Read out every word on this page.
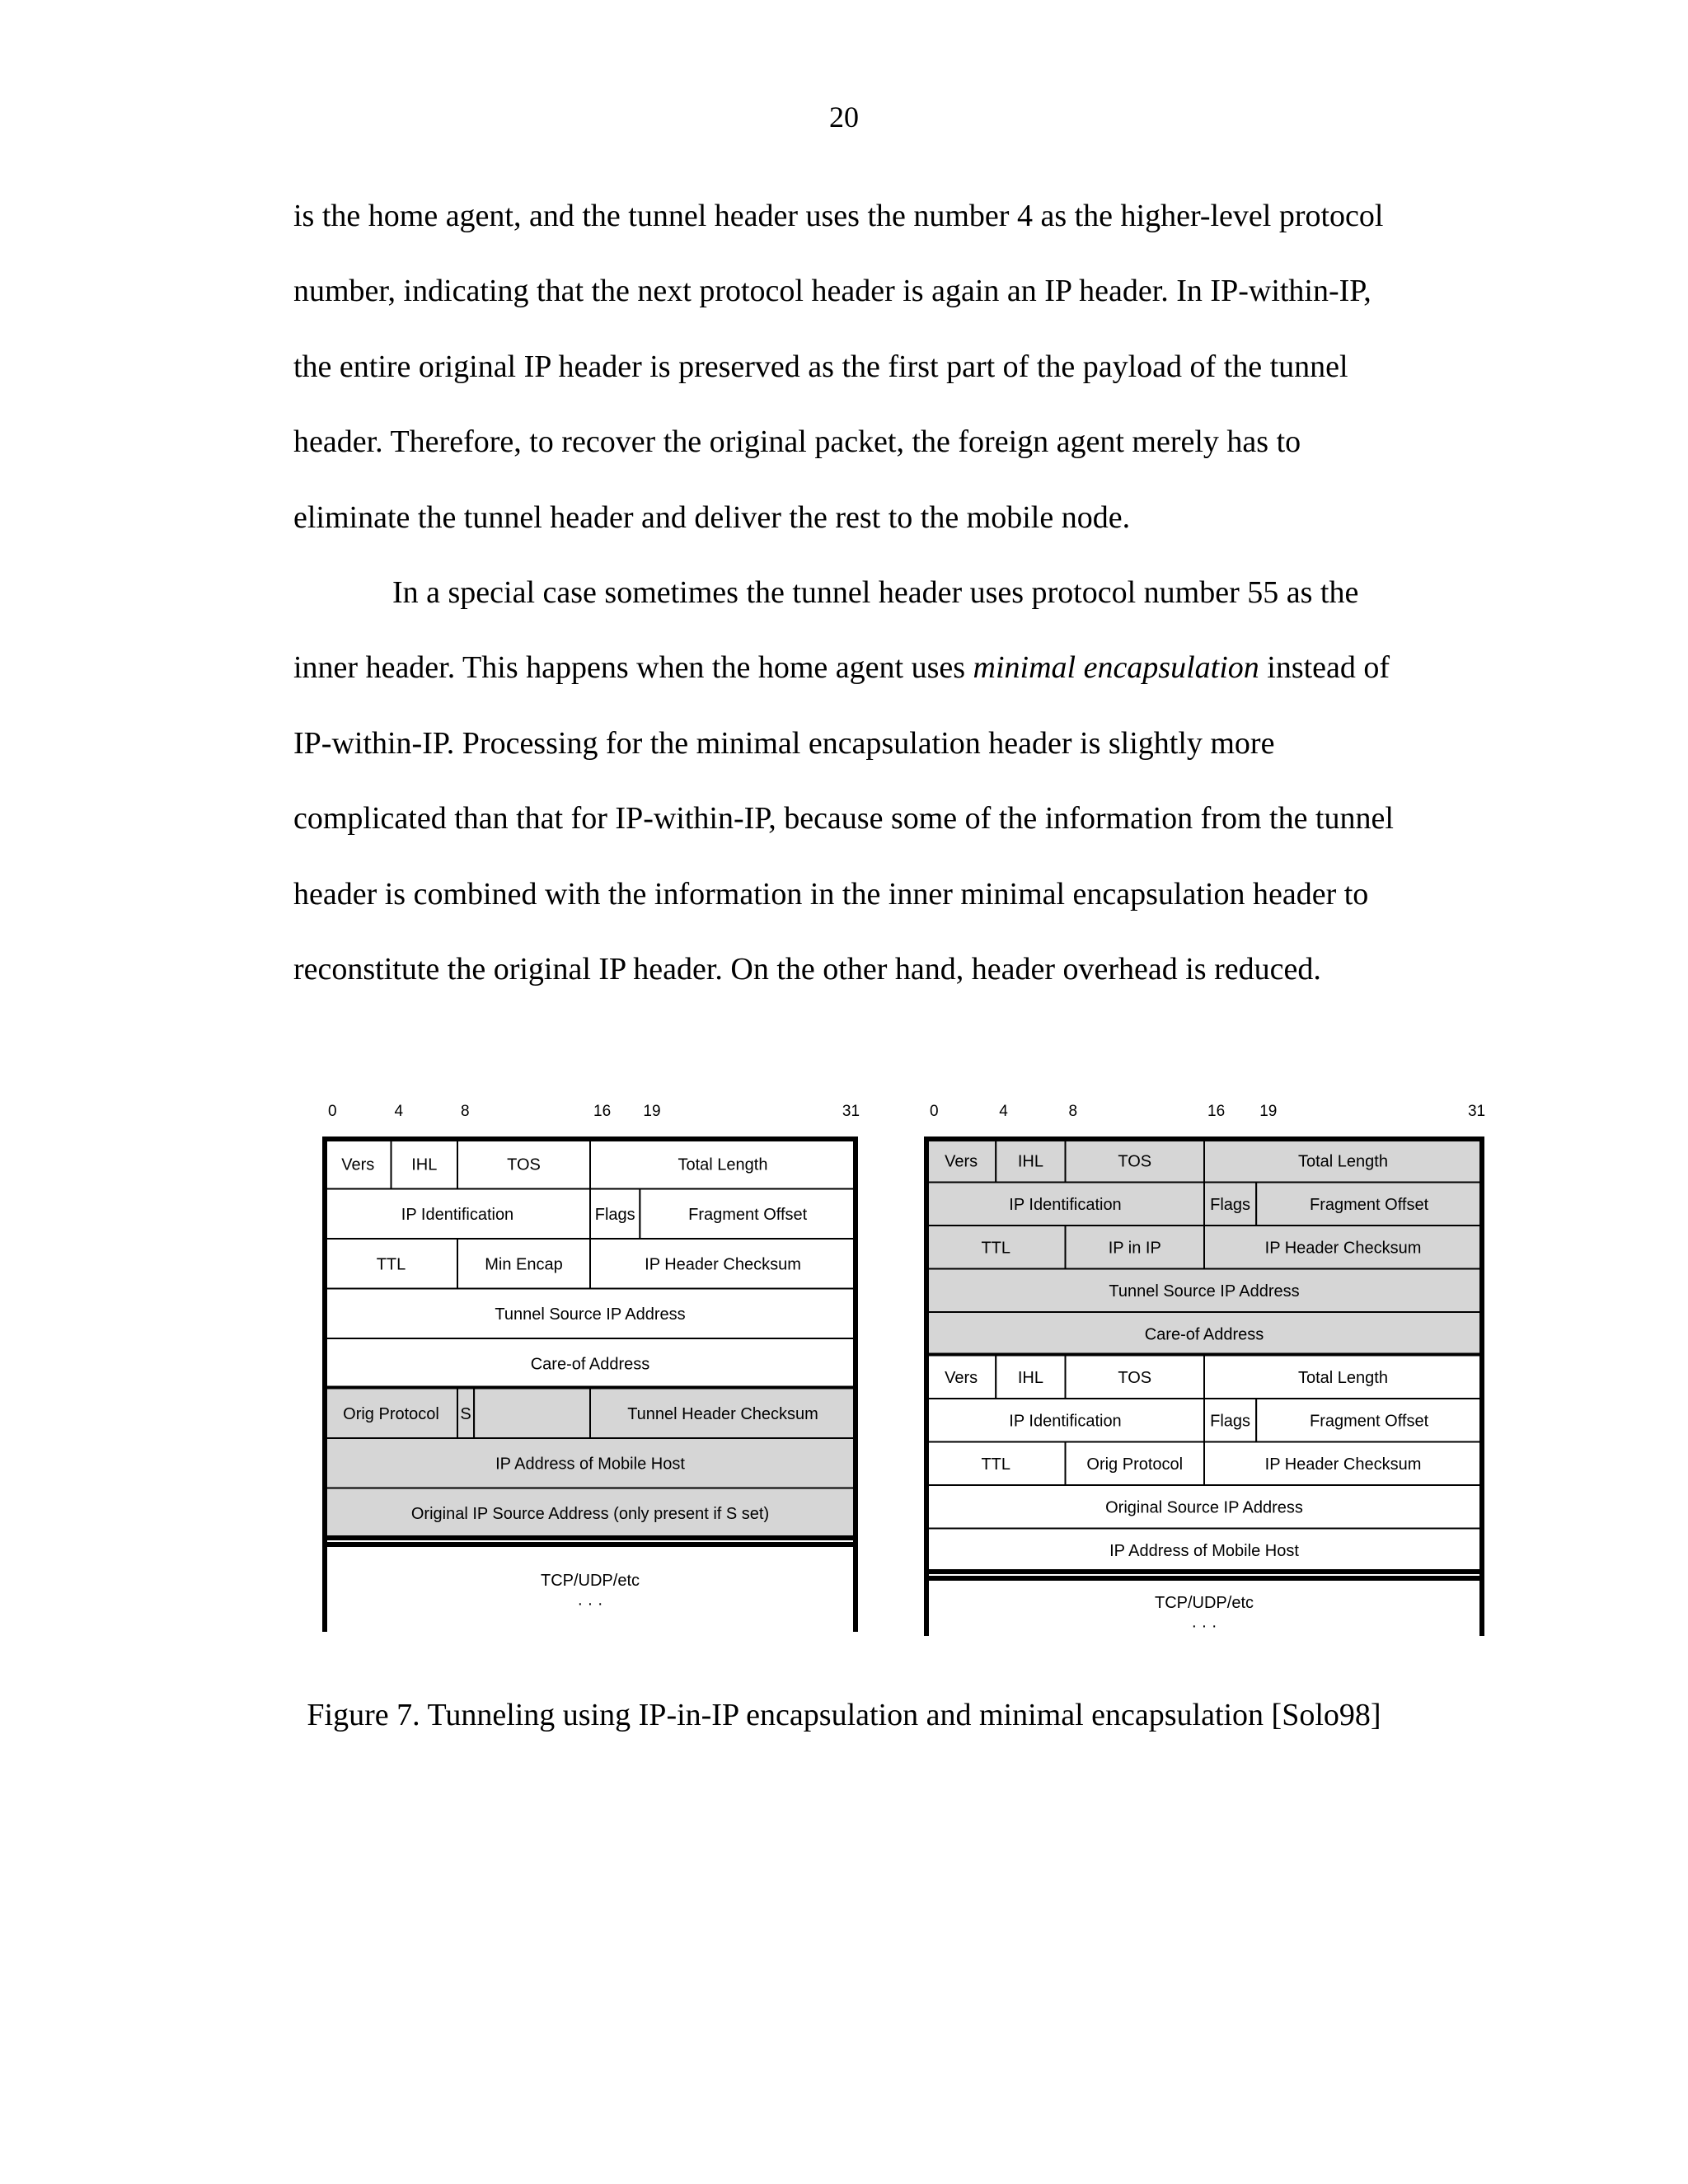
20
is the home agent, and the tunnel header uses the number 4 as the higher-level protocol
number, indicating that the next protocol header is again an IP header. In IP-within-IP,
the entire original IP header is preserved as the first part of the payload of the tunnel
header. Therefore, to recover the original packet, the foreign agent merely has to
eliminate the tunnel header and deliver the rest to the mobile node.
In a special case sometimes the tunnel header uses protocol number 55 as the
inner header. This happens when the home agent uses minimal encapsulation instead of
IP-within-IP. Processing for the minimal encapsulation header is slightly more
complicated than that for IP-within-IP, because some of the information from the tunnel
header is combined with the information in the inner minimal encapsulation header to
reconstitute the original IP header. On the other hand, header overhead is reduced.
0	4	8	16 19	31
Vers IHL	TOS	Total Length
IP Identification	Flags	Fragment Offset
TTL	Min Encap	IP Header Checksum
Tunnel Source IP Address
Care-of Address
Orig Protocol S	Tunnel Header Checksum
IP Address of Mobile Host
Original IP Source Address (only present if S set)
TCP/UDP/etc
· · ·
0	4	8	16 19	31
Vers IHL	TOS	Total Length
IP Identification	Flags	Fragment Offset
TTL	IP in IP	IP Header Checksum
Tunnel Source IP Address
Care-of Address
Vers IHL	TOS	Total Length
IP Identification	Flags	Fragment Offset
TTL	Orig Protocol	IP Header Checksum
Original Source IP Address
IP Address of Mobile Host
TCP/UDP/etc
· · ·
Figure 7. Tunneling using IP-in-IP encapsulation and minimal encapsulation [Solo98]
